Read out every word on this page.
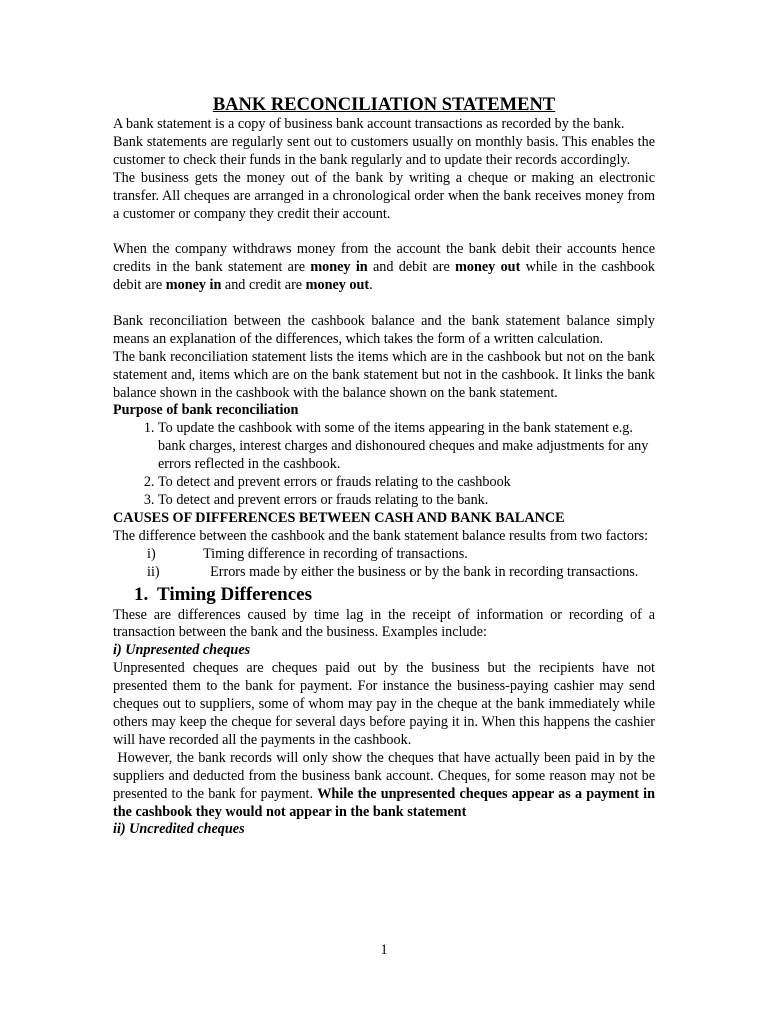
BANK RECONCILIATION STATEMENT

A bank statement is a copy of business bank account transactions as recorded by the bank.

Bank statements are regularly sent out to customers usually on monthly basis. This enables the customer to check their funds in the bank regularly and to update their records accordingly.

The business gets the money out of the bank by writing a cheque or making an electronic transfer. All cheques are arranged in a chronological order when the bank receives money from a customer or company they credit their account.

When the company withdraws money from the account the bank debit their accounts hence credits in the bank statement are money in and debit are money out while in the cashbook debit are money in and credit are money out.

Bank reconciliation between the cashbook balance and the bank statement balance simply means an explanation of the differences, which takes the form of a written calculation.

The bank reconciliation statement lists the items which are in the cashbook but not on the bank statement and, items which are on the bank statement but not in the cashbook. It links the bank balance shown in the cashbook with the balance shown on the bank statement.

Purpose of bank reconciliation

1. To update the cashbook with some of the items appearing in the bank statement e.g. bank charges, interest charges and dishonoured cheques and make adjustments for any errors reflected in the cashbook.
2. To detect and prevent errors or frauds relating to the cashbook
3. To detect and prevent errors or frauds relating to the bank.

CAUSES OF DIFFERENCES BETWEEN CASH AND BANK BALANCE

The difference between the cashbook and the bank statement balance results from two factors:

i)	Timing difference in recording of transactions.
ii)	Errors made by either the business or by the bank in recording transactions.
1. Timing Differences

These are differences caused by time lag in the receipt of information or recording of a transaction between the bank and the business. Examples include:

i) Unpresented cheques

Unpresented cheques are cheques paid out by the business but the recipients have not presented them to the bank for payment. For instance the business-paying cashier may send cheques out to suppliers, some of whom may pay in the cheque at the bank immediately while others may keep the cheque for several days before paying it in. When this happens the cashier will have recorded all the payments in the cashbook.

However, the bank records will only show the cheques that have actually been paid in by the suppliers and deducted from the business bank account. Cheques, for some reason may not be presented to the bank for payment. While the unpresented cheques appear as a payment in the cashbook they would not appear in the bank statement

ii) Uncredited cheques

1
